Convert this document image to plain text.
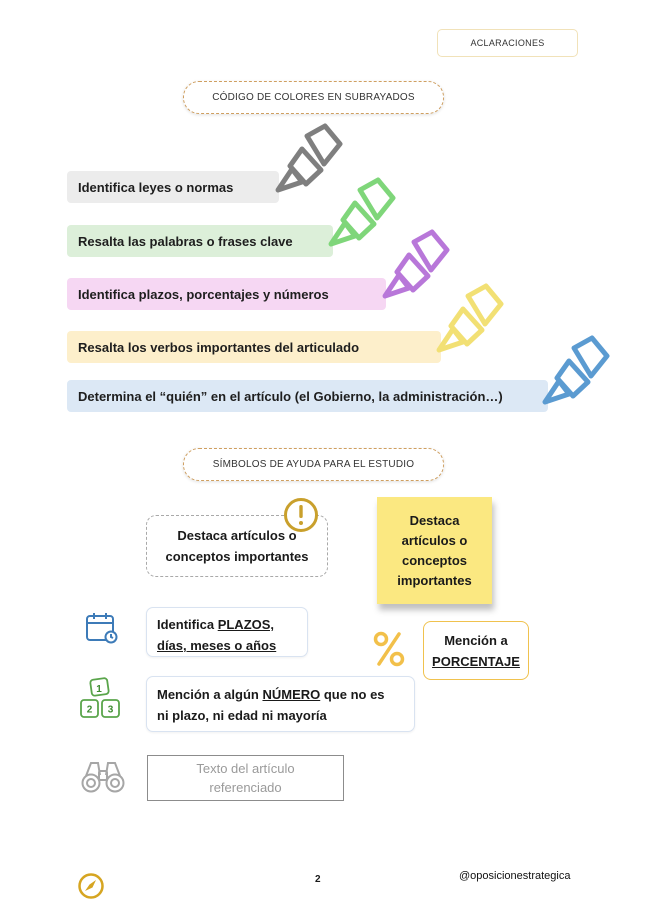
ACLARACIONES
CÓDIGO DE COLORES EN SUBRAYADOS
Identifica leyes o normas
Resalta las palabras o frases clave
Identifica plazos, porcentajes y números
Resalta los verbos importantes del articulado
Determina el “quién” en el artículo (el Gobierno, la administración…)
SÍMBOLOS DE AYUDA PARA EL ESTUDIO
Destaca artículos o
conceptos importantes
Destaca
artículos o
conceptos
importantes
Identifica PLAZOS,
días, meses o años	Mención a
PORCENTAJE
1
2 3
Mención a algún NÚMERO que no es
ni plazo, ni edad ni mayoría
Texto del artículo
referenciado
2	@oposicionestrategica
